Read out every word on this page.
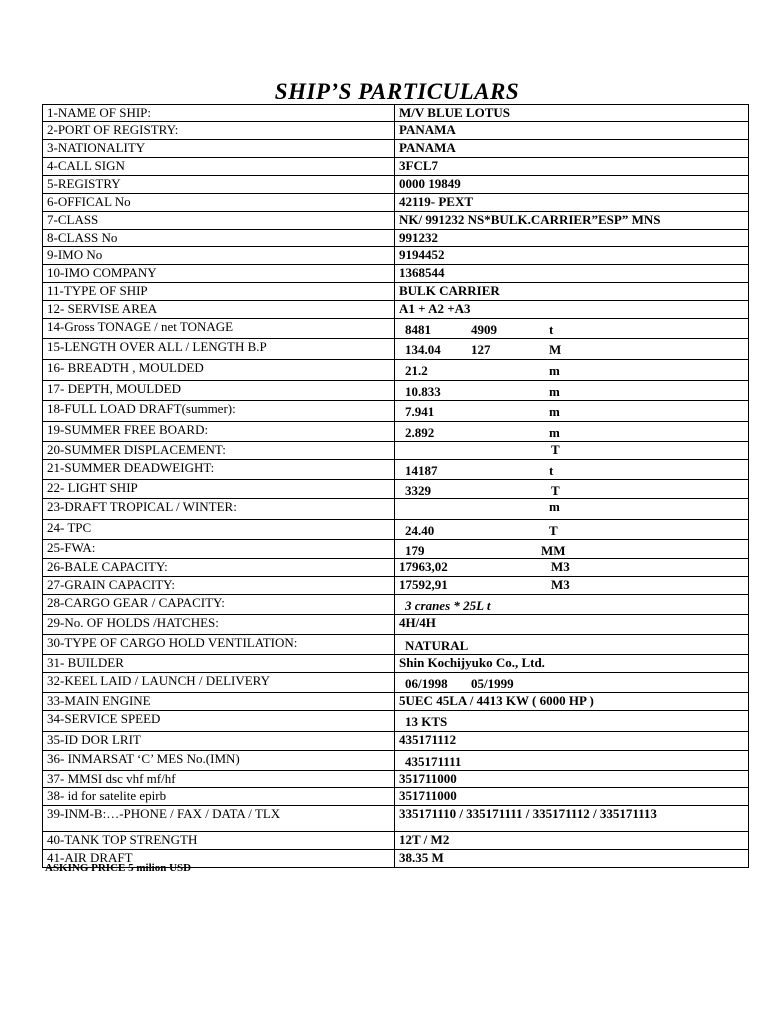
SHIP’S PARTICULARS
1-NAME OF SHIP:	M/V BLUE LOTUS
2-PORT OF REGISTRY:	PANAMA
3-NATIONALITY	PANAMA
4-CALL SIGN	3FCL7
5-REGISTRY	0000 19849
6-OFFICAL No	42119- PEXT
7-CLASS	NK/ 991232 NS*BULK.CARRIER”ESP” MNS
8-CLASS No	991232
9-IMO No	9194452
10-IMO COMPANY	1368544
11-TYPE OF SHIP	BULK CARRIER
12- SERVISE AREA	A1 + A2 +A3
14-Gross TONAGE / net TONAGE	8481 4909 t

15-LENGTH OVER ALL / LENGTH B.P	134.04 127 M

16- BREADTH , MOULDED	21.2 m

17- DEPTH, MOULDED	10.833 m

18-FULL LOAD DRAFT(summer):	7.941 m

19-SUMMER FREE BOARD:	2.892 m

20-SUMMER DISPLACEMENT:	T

21-SUMMER DEADWEIGHT:	14187 t

22- LIGHT SHIP	3329 T

23-DRAFT TROPICAL / WINTER:	m

24- TPC	24.40 T

25-FWA:	179 MM

26-BALE CAPACITY:	17963,02 M3

27-GRAIN CAPACITY:	17592,91 M3

28-CARGO GEAR / CAPACITY:	3 cranes * 25L t
29-No. OF HOLDS /HATCHES:	4H/4H
30-TYPE OF CARGO HOLD VENTILATION:	NATURAL
31- BUILDER	Shin Kochijyuko Co., Ltd.
32-KEEL LAID / LAUNCH / DELIVERY	06/1998 05/1999

33-MAIN ENGINE	5UEC 45LA / 4413 KW ( 6000 HP )
34-SERVICE SPEED	13 KTS
35-ID DOR LRIT	435171112
36- INMARSAT ‘C’ MES No.(IMN)	435171111
37- MMSI dsc vhf mf/hf	351711000
38- id for satelite epirb	351711000
39-INM-B:…-PHONE / FAX / DATA / TLX	335171110 / 335171111 / 335171112 / 335171113
40-TANK TOP STRENGTH	12T / M2
41-AIR DRAFT	38.35 M
ASKING PRICE 5 milion USD
